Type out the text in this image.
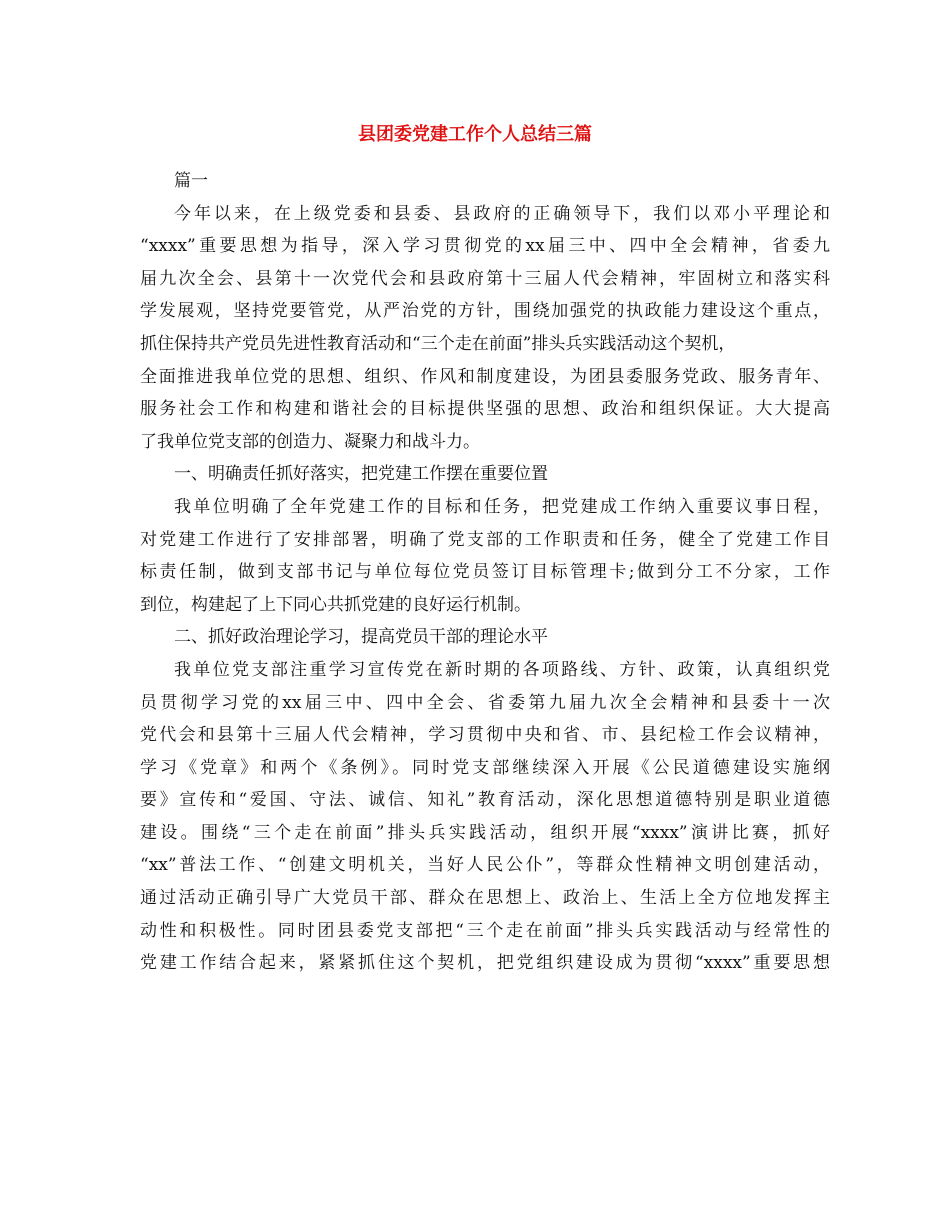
县团委党建工作个人总结三篇
篇一
今年以来，在上级党委和县委、县政府的正确领导下，我们以邓小平理论和
“xxxx”重要思想为指导，深入学习贯彻党的xx届三中、四中全会精神，省委九
届九次全会、县第十一次党代会和县政府第十三届人代会精神，牢固树立和落实科
学发展观，坚持党要管党，从严治党的方针，围绕加强党的执政能力建设这个重点，
抓住保持共产党员先进性教育活动和“三个走在前面”排头兵实践活动这个契机，
全面推进我单位党的思想、组织、作风和制度建设，为团县委服务党政、服务青年、
服务社会工作和构建和谐社会的目标提供坚强的思想、政治和组织保证。大大提高
了我单位党支部的创造力、凝聚力和战斗力。
一、明确责任抓好落实，把党建工作摆在重要位置
我单位明确了全年党建工作的目标和任务，把党建成工作纳入重要议事日程，
对党建工作进行了安排部署，明确了党支部的工作职责和任务，健全了党建工作目
标责任制，做到支部书记与单位每位党员签订目标管理卡;做到分工不分家，工作
到位，构建起了上下同心共抓党建的良好运行机制。
二、抓好政治理论学习，提高党员干部的理论水平
我单位党支部注重学习宣传党在新时期的各项路线、方针、政策，认真组织党
员贯彻学习党的xx届三中、四中全会、省委第九届九次全会精神和县委十一次
党代会和县第十三届人代会精神，学习贯彻中央和省、市、县纪检工作会议精神，
学习《党章》和两个《条例》。同时党支部继续深入开展《公民道德建设实施纲
要》宣传和“爱国、守法、诚信、知礼”教育活动，深化思想道德特别是职业道德
建设。围绕“三个走在前面”排头兵实践活动，组织开展“xxxx”演讲比赛，抓好
“xx”普法工作、“创建文明机关，当好人民公仆”，等群众性精神文明创建活动，
通过活动正确引导广大党员干部、群众在思想上、政治上、生活上全方位地发挥主
动性和积极性。同时团县委党支部把“三个走在前面”排头兵实践活动与经常性的
党建工作结合起来，紧紧抓住这个契机，把党组织建设成为贯彻“xxxx”重要思想
